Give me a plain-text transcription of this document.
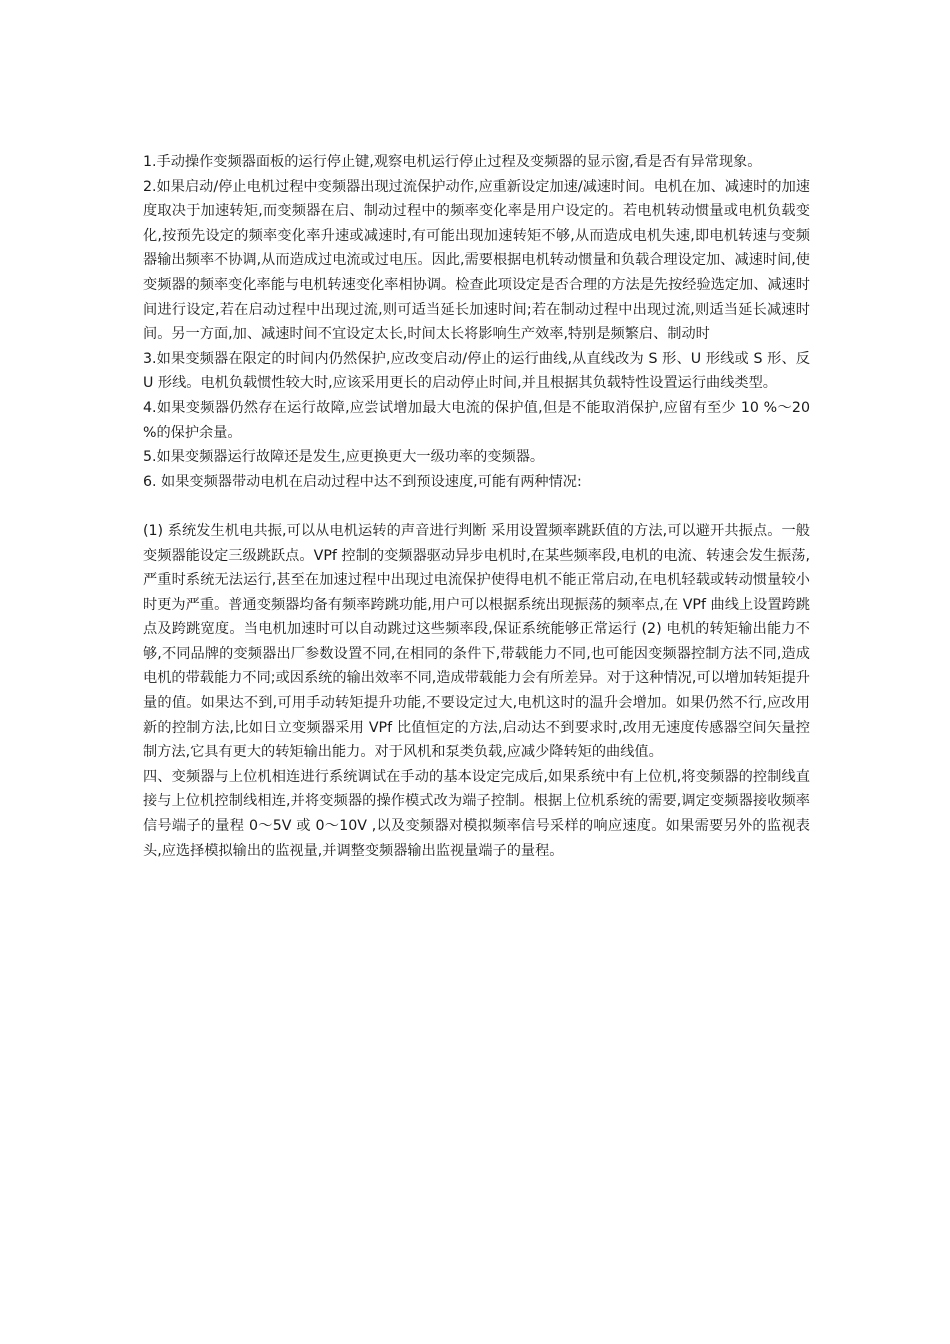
1.手动操作变频器面板的运行停止键,观察电机运行停止过程及变频器的显示窗,看是否有异常现象。

2.如果启动/停止电机过程中变频器出现过流保护动作,应重新设定加速/减速时间。电机在加、减速时的加速度取决于加速转矩,而变频器在启、制动过程中的频率变化率是用户设定的。若电机转动惯量或电机负载变化,按预先设定的频率变化率升速或减速时,有可能出现加速转矩不够,从而造成电机失速,即电机转速与变频器输出频率不协调,从而造成过电流或过电压。因此,需要根据电机转动惯量和负载合理设定加、减速时间,使变频器的频率变化率能与电机转速变化率相协调。检查此项设定是否合理的方法是先按经验选定加、减速时间进行设定,若在启动过程中出现过流,则可适当延长加速时间;若在制动过程中出现过流,则适当延长减速时间。另一方面,加、减速时间不宜设定太长,时间太长将影响生产效率,特别是频繁启、制动时

3.如果变频器在限定的时间内仍然保护,应改变启动/停止的运行曲线,从直线改为 S 形、U 形线或 S 形、反 U 形线。电机负载惯性较大时,应该采用更长的启动停止时间,并且根据其负载特性设置运行曲线类型。

4.如果变频器仍然存在运行故障,应尝试增加最大电流的保护值,但是不能取消保护,应留有至少 10 %～20 %的保护余量。

5.如果变频器运行故障还是发生,应更换更大一级功率的变频器。

6. 如果变频器带动电机在启动过程中达不到预设速度,可能有两种情况:

(1) 系统发生机电共振,可以从电机运转的声音进行判断 采用设置频率跳跃值的方法,可以避开共振点。一般变频器能设定三级跳跃点。VPf 控制的变频器驱动异步电机时,在某些频率段,电机的电流、转速会发生振荡,严重时系统无法运行,甚至在加速过程中出现过电流保护使得电机不能正常启动,在电机轻载或转动惯量较小时更为严重。普通变频器均备有频率跨跳功能,用户可以根据系统出现振荡的频率点,在 VPf 曲线上设置跨跳点及跨跳宽度。当电机加速时可以自动跳过这些频率段,保证系统能够正常运行 (2) 电机的转矩输出能力不够,不同品牌的变频器出厂参数设置不同,在相同的条件下,带载能力不同,也可能因变频器控制方法不同,造成电机的带载能力不同;或因系统的输出效率不同,造成带载能力会有所差异。对于这种情况,可以增加转矩提升量的值。如果达不到,可用手动转矩提升功能,不要设定过大,电机这时的温升会增加。如果仍然不行,应改用新的控制方法,比如日立变频器采用 VPf 比值恒定的方法,启动达不到要求时,改用无速度传感器空间矢量控制方法,它具有更大的转矩输出能力。对于风机和泵类负载,应减少降转矩的曲线值。

四、变频器与上位机相连进行系统调试在手动的基本设定完成后,如果系统中有上位机,将变频器的控制线直接与上位机控制线相连,并将变频器的操作模式改为端子控制。根据上位机系统的需要,调定变频器接收频率信号端子的量程 0～5V 或 0～10V ,以及变频器对模拟频率信号采样的响应速度。如果需要另外的监视表头,应选择模拟输出的监视量,并调整变频器输出监视量端子的量程。
